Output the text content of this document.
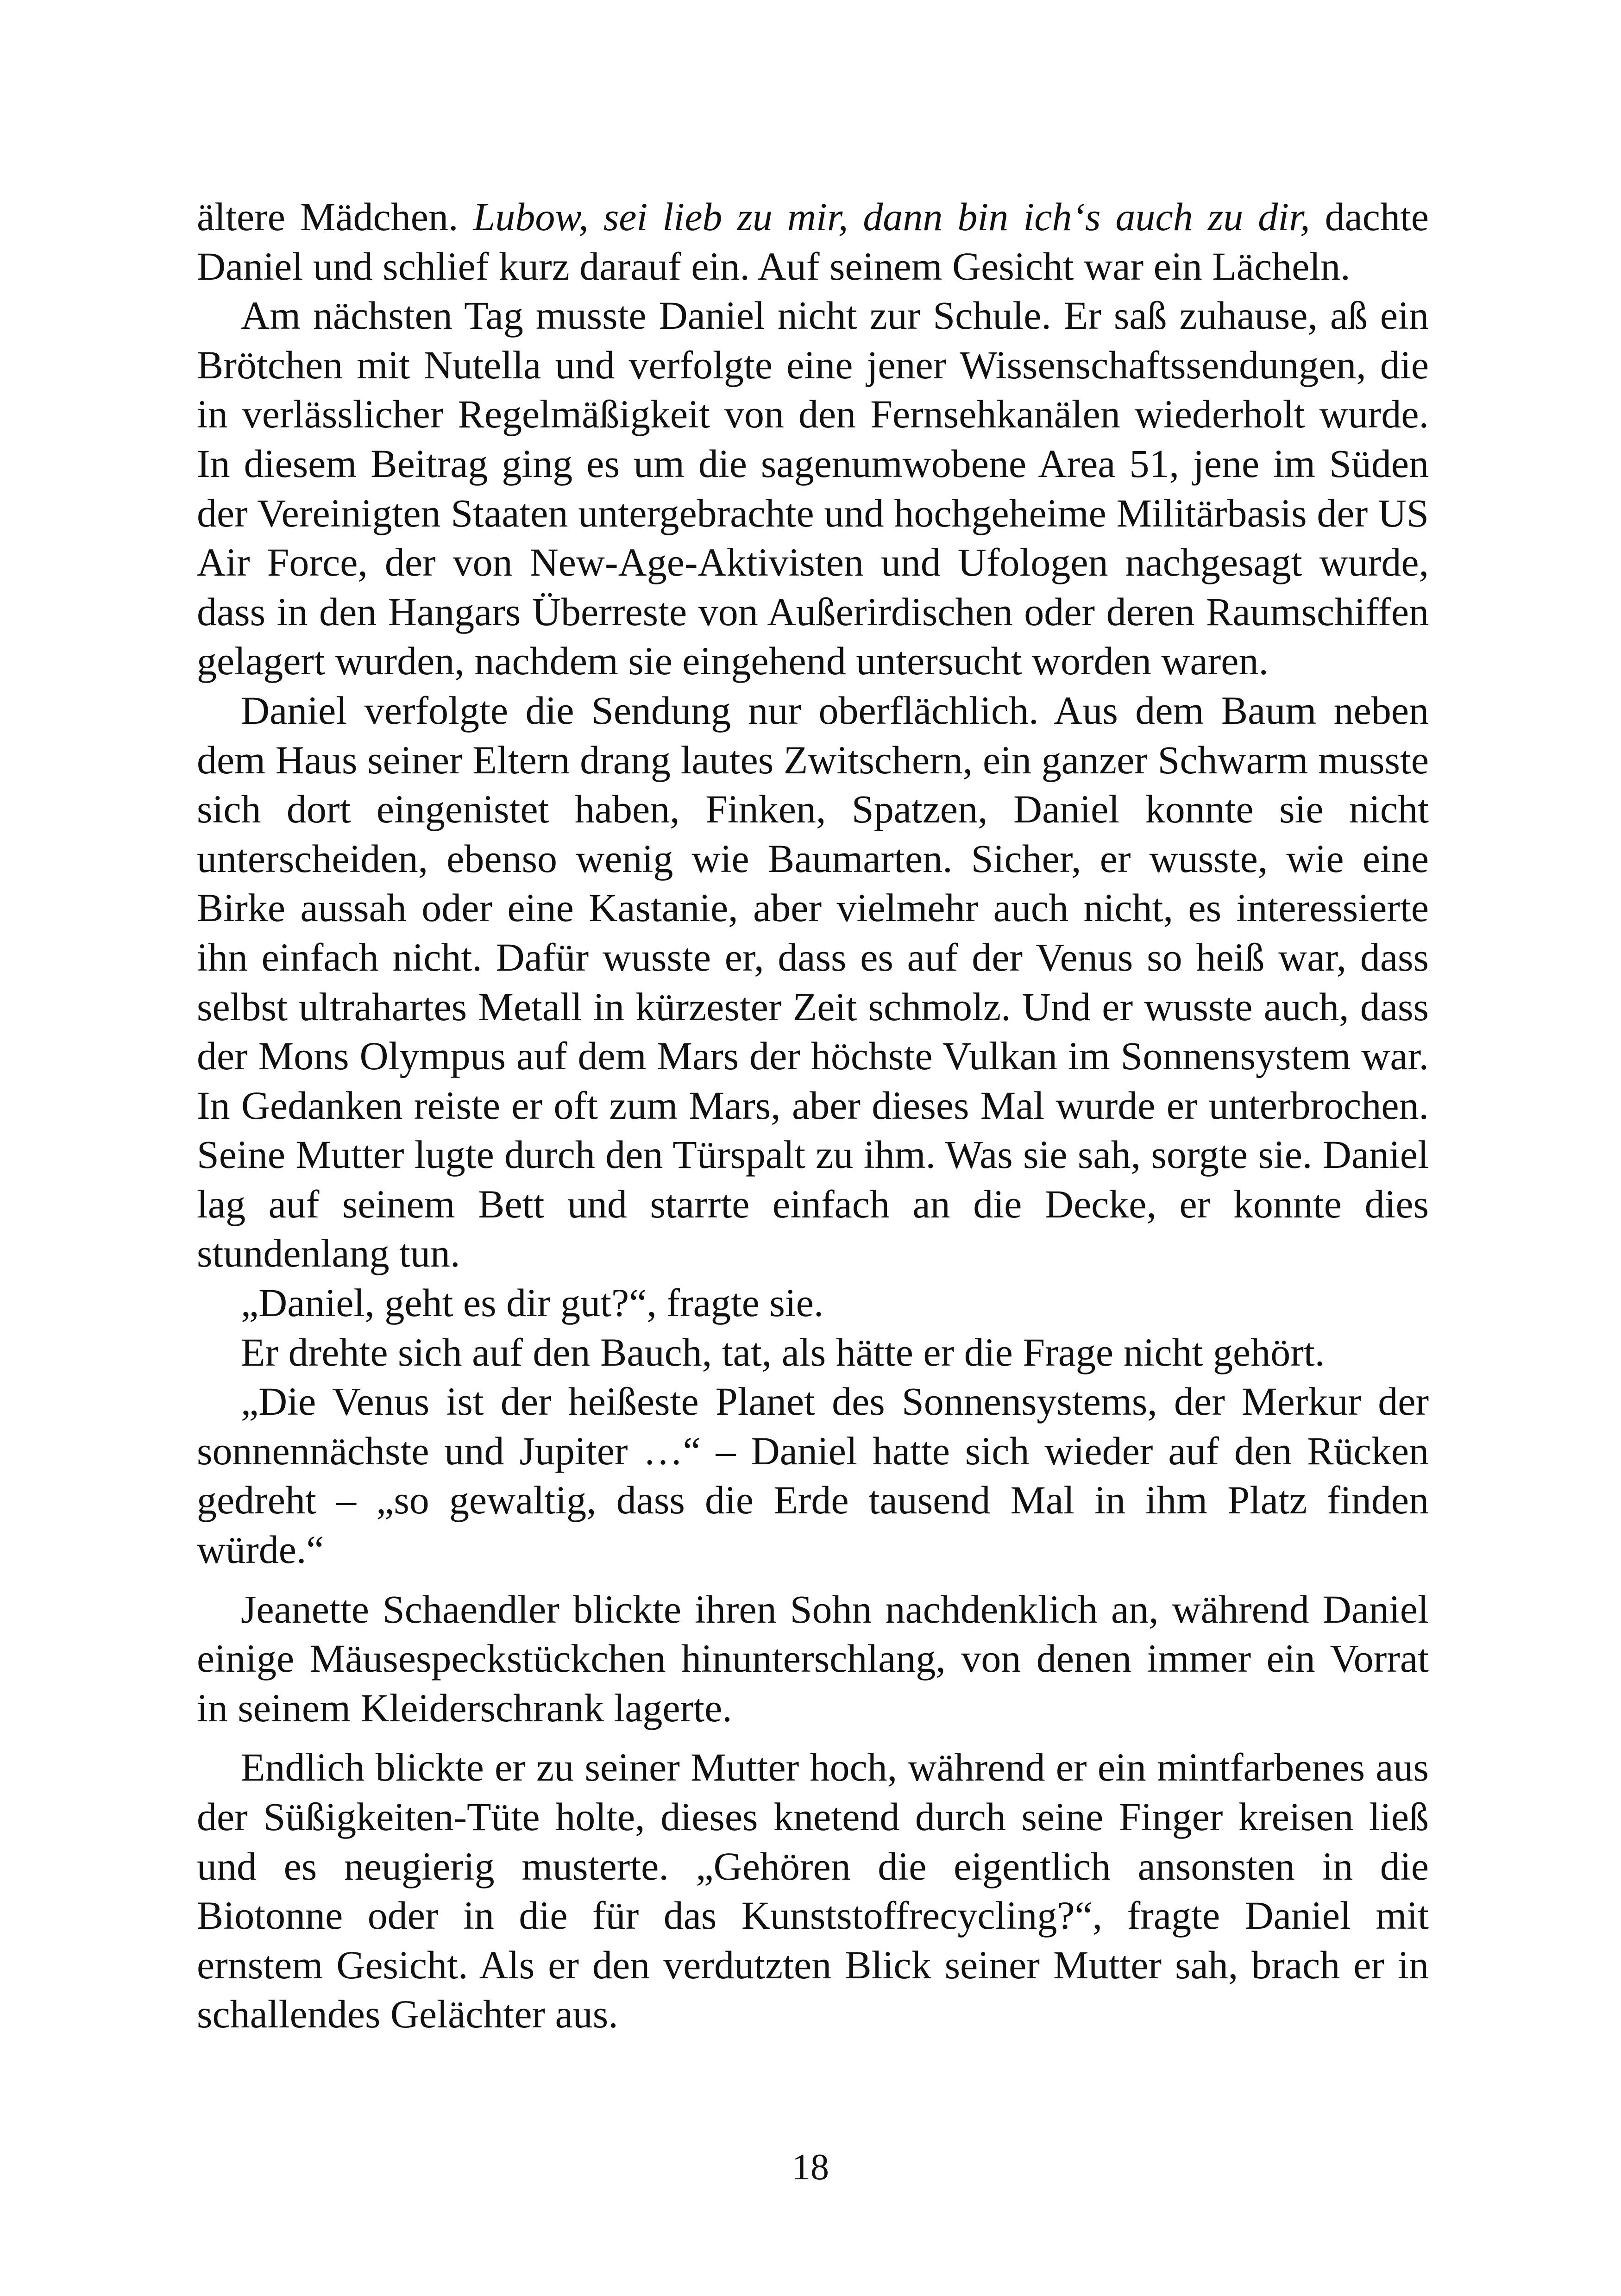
ältere Mädchen. Lubow, sei lieb zu mir, dann bin ich‘s auch zu dir, dachte Daniel und schlief kurz darauf ein. Auf seinem Gesicht war ein Lächeln.

Am nächsten Tag musste Daniel nicht zur Schule. Er saß zuhause, aß ein Brötchen mit Nutella und verfolgte eine jener Wissenschaftssendungen, die in verlässlicher Regelmäßigkeit von den Fernsehkanälen wiederholt wurde. In diesem Beitrag ging es um die sagenumwobene Area 51, jene im Süden der Vereinigten Staaten untergebrachte und hochgeheime Militärbasis der US Air Force, der von New-Age-Aktivisten und Ufologen nachgesagt wurde, dass in den Hangars Überreste von Außerirdischen oder deren Raumschiffen gelagert wurden, nachdem sie eingehend untersucht worden waren.

Daniel verfolgte die Sendung nur oberflächlich. Aus dem Baum neben dem Haus seiner Eltern drang lautes Zwitschern, ein ganzer Schwarm musste sich dort eingenistet haben, Finken, Spatzen, Daniel konnte sie nicht unterscheiden, ebenso wenig wie Baumarten. Sicher, er wusste, wie eine Birke aussah oder eine Kastanie, aber vielmehr auch nicht, es interessierte ihn einfach nicht. Dafür wusste er, dass es auf der Venus so heiß war, dass selbst ultrahartes Metall in kürzester Zeit schmolz. Und er wusste auch, dass der Mons Olympus auf dem Mars der höchste Vulkan im Sonnensystem war. In Gedanken reiste er oft zum Mars, aber dieses Mal wurde er unterbrochen. Seine Mutter lugte durch den Türspalt zu ihm. Was sie sah, sorgte sie. Daniel lag auf seinem Bett und starrte einfach an die Decke, er konnte dies stundenlang tun.

„Daniel, geht es dir gut?“, fragte sie.

Er drehte sich auf den Bauch, tat, als hätte er die Frage nicht gehört.

„Die Venus ist der heißeste Planet des Sonnensystems, der Merkur der sonnennächste und Jupiter …“ – Daniel hatte sich wieder auf den Rücken gedreht – „so gewaltig, dass die Erde tausend Mal in ihm Platz finden würde.“

Jeanette Schaendler blickte ihren Sohn nachdenklich an, während Daniel einige Mäusespeckstückchen hinunterschlang, von denen immer ein Vorrat in seinem Kleiderschrank lagerte.

Endlich blickte er zu seiner Mutter hoch, während er ein mintfarbenes aus der Süßigkeiten-Tüte holte, dieses knetend durch seine Finger kreisen ließ und es neugierig musterte. „Gehören die eigentlich ansonsten in die Biotonne oder in die für das Kunststoffrecycling?“, fragte Daniel mit ernstem Gesicht. Als er den verdutzten Blick seiner Mutter sah, brach er in schallendes Gelächter aus.

18
